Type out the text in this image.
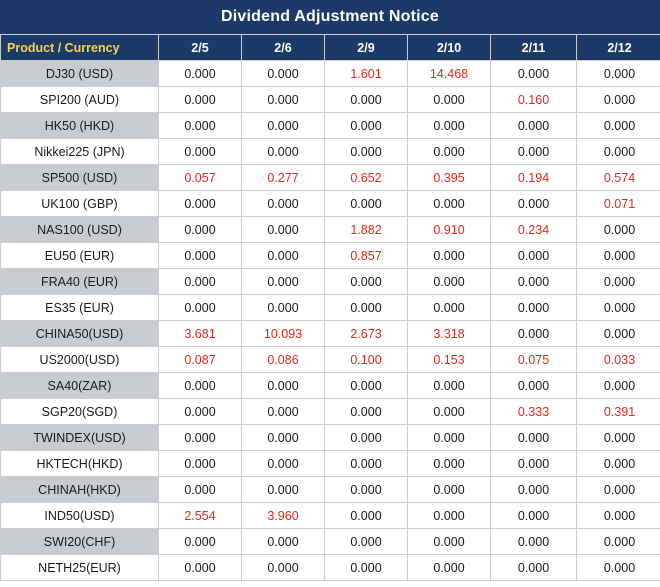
Dividend Adjustment Notice
Product / Currency	2/5	2/6	2/9	2/10	2/11	2/12
DJ30 (USD)	0.000	0.000	1.601	14.468	0.000	0.000
SPI200 (AUD)	0.000	0.000	0.000	0.000	0.160	0.000
HK50 (HKD)	0.000	0.000	0.000	0.000	0.000	0.000
Nikkei225 (JPN)	0.000	0.000	0.000	0.000	0.000	0.000
SP500 (USD)	0.057	0.277	0.652	0.395	0.194	0.574
UK100 (GBP)	0.000	0.000	0.000	0.000	0.000	0.071
NAS100 (USD)	0.000	0.000	1.882	0.910	0.234	0.000
EU50 (EUR)	0.000	0.000	0.857	0.000	0.000	0.000
FRA40 (EUR)	0.000	0.000	0.000	0.000	0.000	0.000
ES35 (EUR)	0.000	0.000	0.000	0.000	0.000	0.000
CHINA50(USD)	3.681	10.093	2.673	3.318	0.000	0.000
US2000(USD)	0.087	0.086	0.100	0.153	0.075	0.033
SA40(ZAR)	0.000	0.000	0.000	0.000	0.000	0.000
SGP20(SGD)	0.000	0.000	0.000	0.000	0.333	0.391
TWINDEX(USD)	0.000	0.000	0.000	0.000	0.000	0.000
HKTECH(HKD)	0.000	0.000	0.000	0.000	0.000	0.000
CHINAH(HKD)	0.000	0.000	0.000	0.000	0.000	0.000
IND50(USD)	2.554	3.960	0.000	0.000	0.000	0.000
SWI20(CHF)	0.000	0.000	0.000	0.000	0.000	0.000
NETH25(EUR)	0.000	0.000	0.000	0.000	0.000	0.000
